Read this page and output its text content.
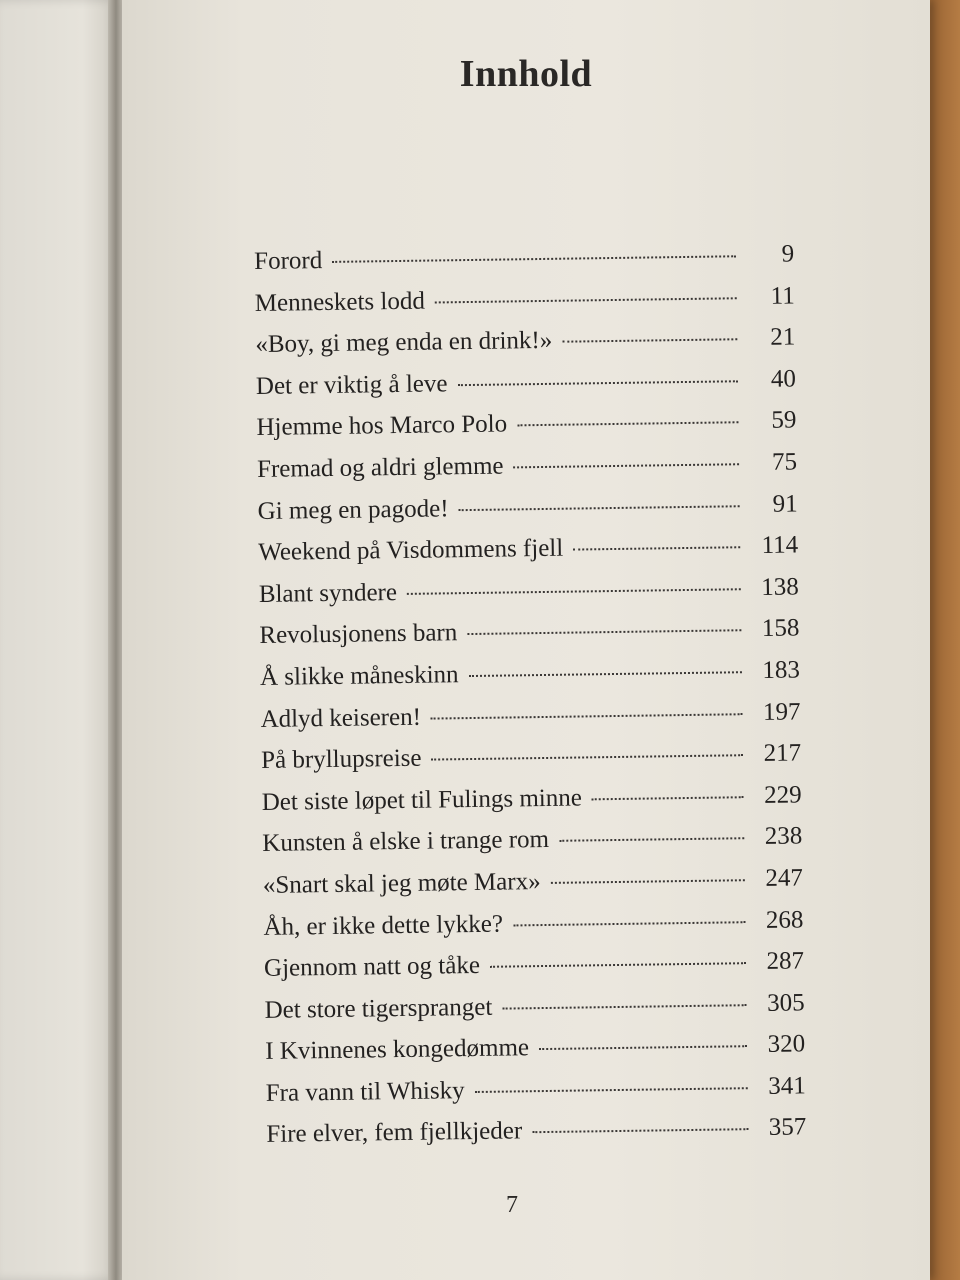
Innhold
Forord	9
Menneskets lodd	11
«Boy, gi meg enda en drink!»	21
Det er viktig å leve	40
Hjemme hos Marco Polo	59
Fremad og aldri glemme	75
Gi meg en pagode!	91
Weekend på Visdommens fjell	114
Blant syndere	138
Revolusjonens barn	158
Å slikke måneskinn	183
Adlyd keiseren!	197
På bryllupsreise	217
Det siste løpet til Fulings minne	229
Kunsten å elske i trange rom	238
«Snart skal jeg møte Marx»	247
Åh, er ikke dette lykke?	268
Gjennom natt og tåke	287
Det store tigerspranget	305
I Kvinnenes kongedømme	320
Fra vann til Whisky	341
Fire elver, fem fjellkjeder	357
7
